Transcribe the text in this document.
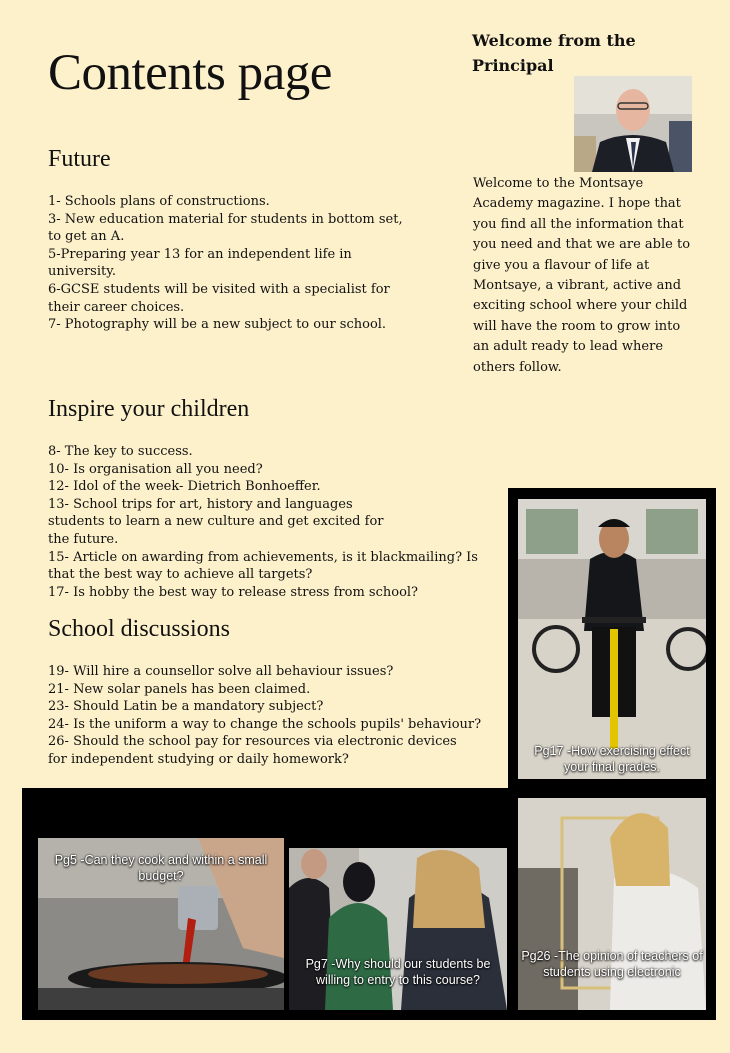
Contents page
Future
1- Schools plans of constructions.
3- New education material for students in bottom set, to get an A.
5-Preparing year 13 for an independent life in university.
6-GCSE students will be visited with a specialist for their career choices.
7- Photography will be a new subject to our school.
Inspire your children
8- The key to success.
10- Is organisation all you need?
12- Idol of the week- Dietrich Bonhoeffer.
13- School trips for art, history and languages students to learn a new culture and get excited for the future.
15- Article on awarding from achievements, is it blackmailing? Is that the best way to achieve all targets?
17- Is hobby the best way to release stress from school?
School discussions
19- Will hire a counsellor solve all behaviour issues?
21- New solar panels has been claimed.
23- Should Latin be a mandatory subject?
24- Is the uniform a way to change the schools pupils' behaviour?
26- Should the school pay for resources via electronic devices for independent studying or daily homework?
Welcome from the Principal
Welcome to the Montsaye Academy magazine. I hope that you find all the information that you need and that we are able to give you a flavour of life at Montsaye, a vibrant, active and exciting school where your child will have the room to grow into an adult ready to lead where others follow.
Pg17 -How exercising effect your final grades.
Pg5 -Can they cook and within a small budget?
Pg7 -Why should our students be willing to entry to this course?
Pg26 -The opinion of teachers of students using electronic
